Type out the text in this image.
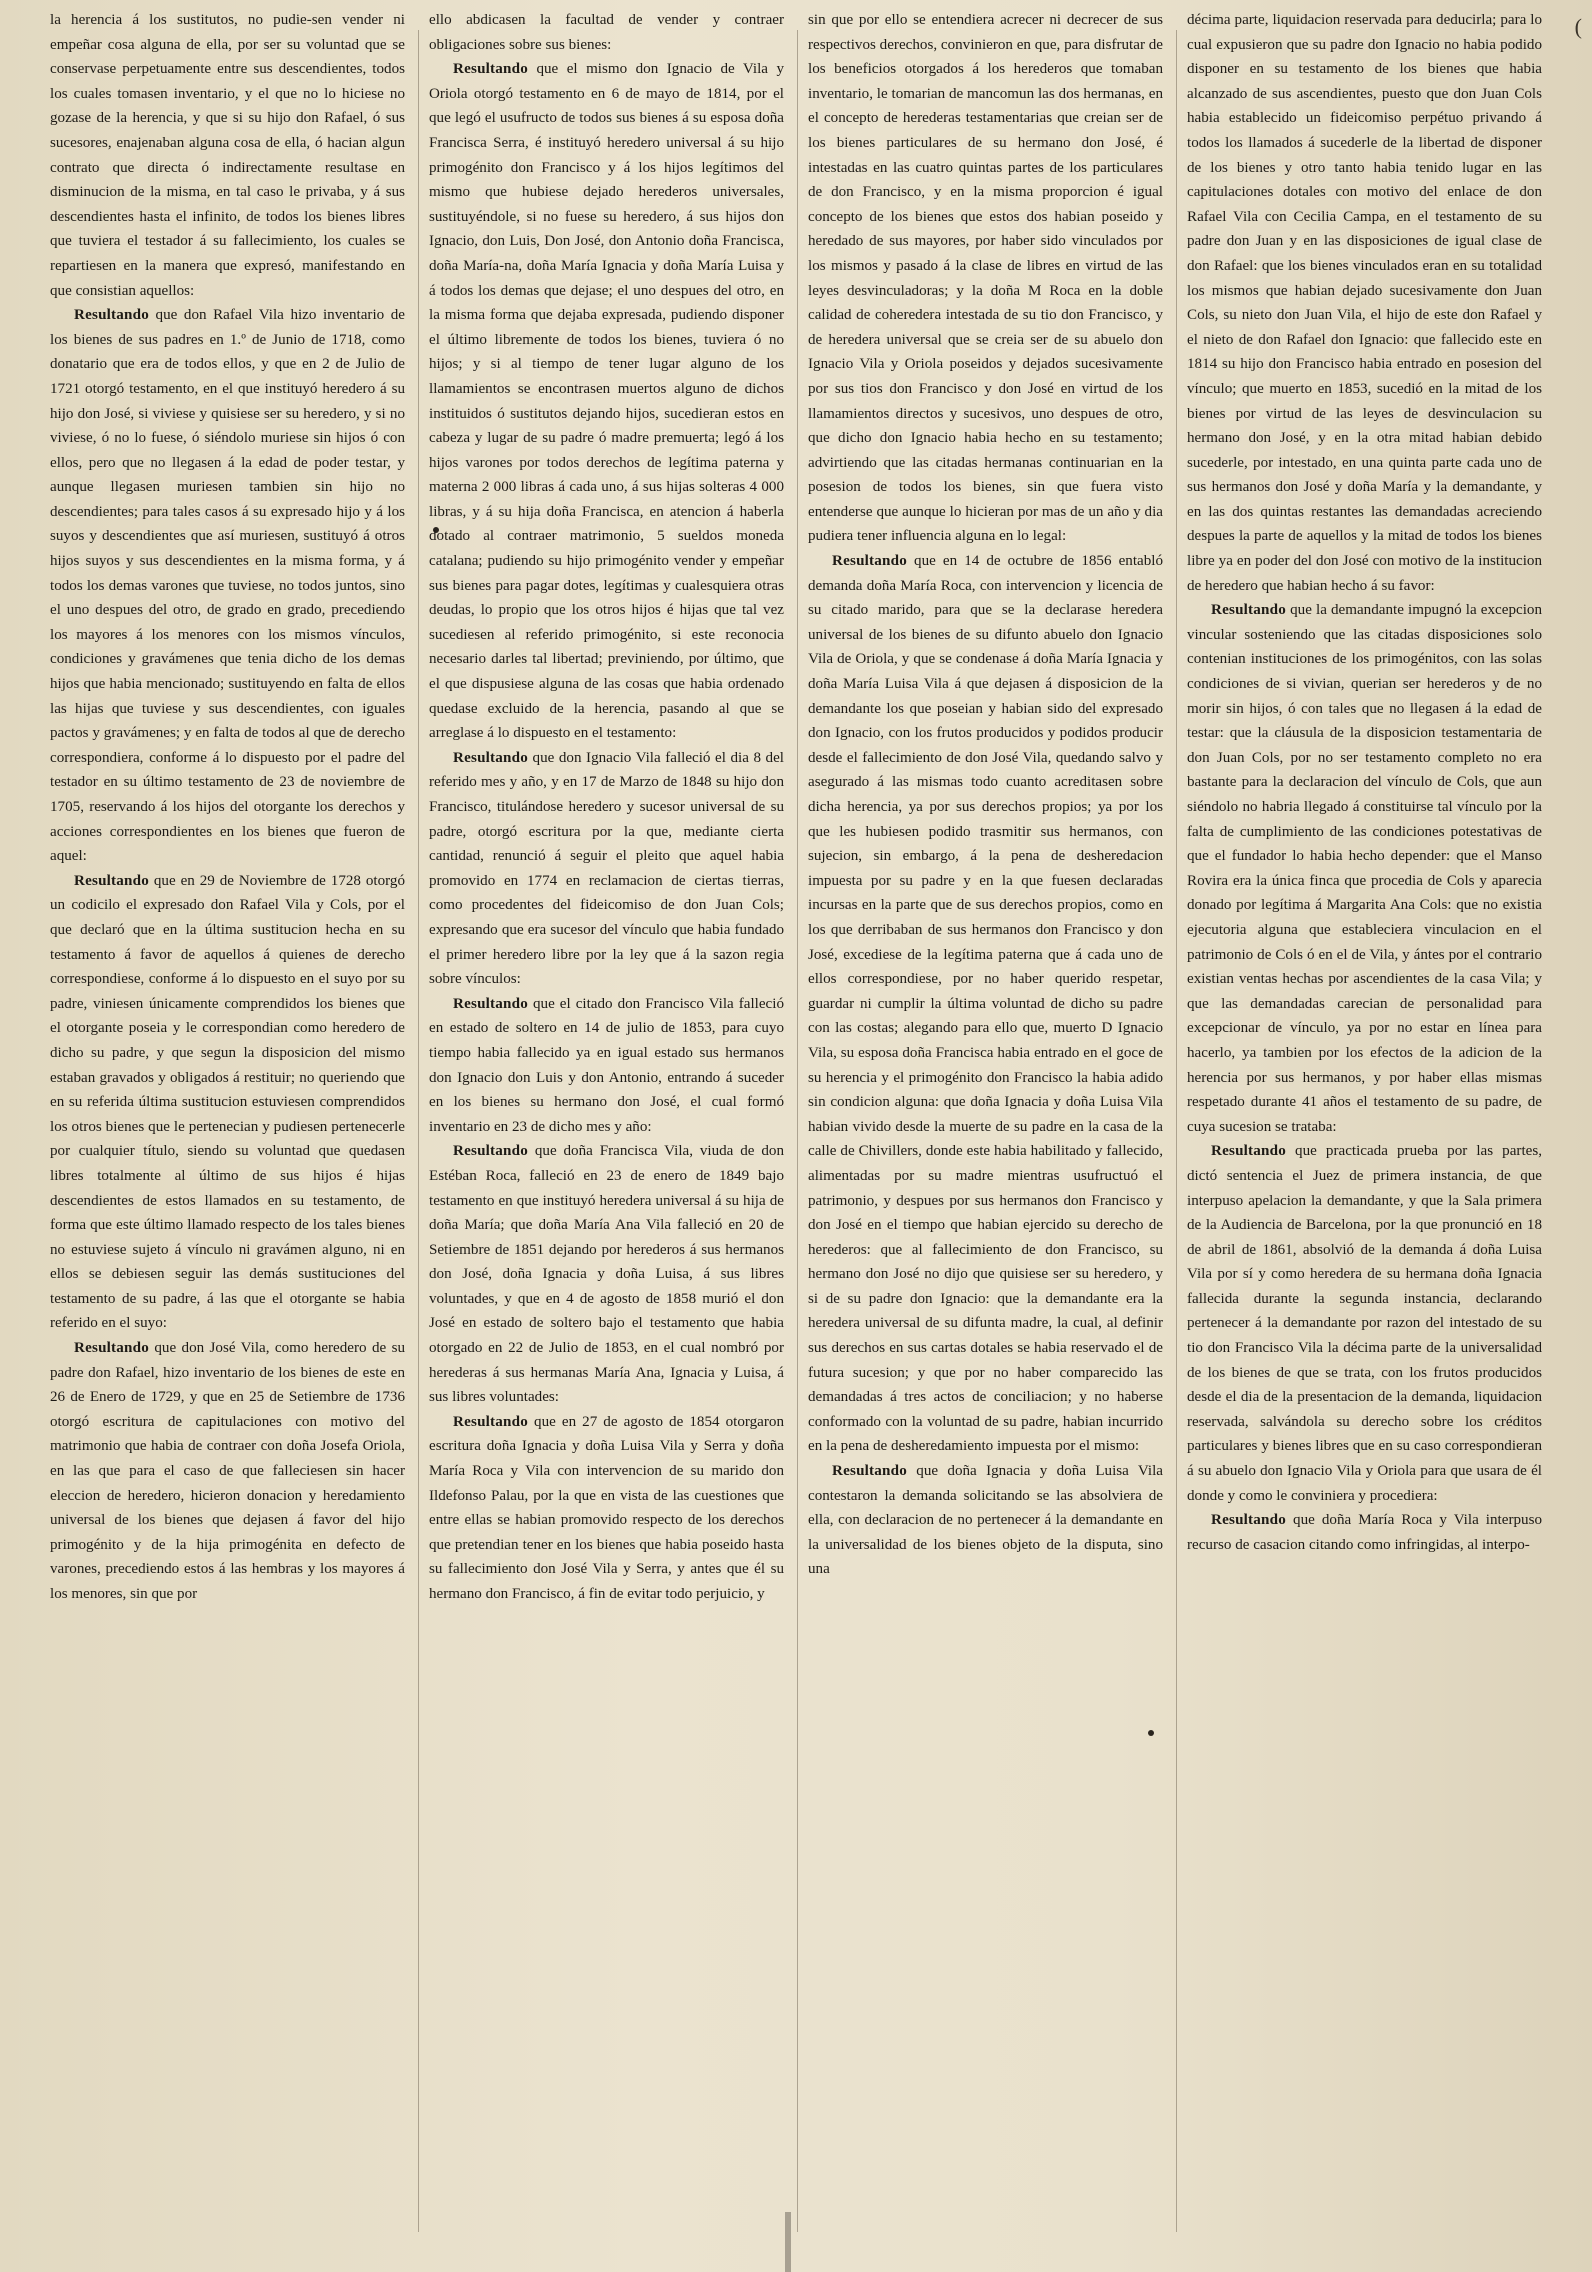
(

la herencia á los sustitutos, no pudie-sen vender ni empeñar cosa alguna de ella, por ser su voluntad que se conservase perpetuamente entre sus descendientes, todos los cuales tomasen inventario, y el que no lo hiciese no gozase de la herencia, y que si su hijo don Rafael, ó sus sucesores, enajenaban alguna cosa de ella, ó hacian algun contrato que directa ó indirectamente resultase en disminucion de la misma, en tal caso le privaba, y á sus descendientes hasta el infinito, de todos los bienes libres que tuviera el testador á su fallecimiento, los cuales se repartiesen en la manera que expresó, manifestando en que consistian aquellos:

Resultando que don Rafael Vila hizo inventario de los bienes de sus padres en 1.º de Junio de 1718, como donatario que era de todos ellos, y que en 2 de Julio de 1721 otorgó testamento, en el que instituyó heredero á su hijo don José, si viviese y quisiese ser su heredero, y si no viviese, ó no lo fuese, ó siéndolo muriese sin hijos ó con ellos, pero que no llegasen á la edad de poder testar, y aunque llegasen muriesen tambien sin hijo no descendientes; para tales casos á su expresado hijo y á los suyos y descendientes que así muriesen, sustituyó á otros hijos suyos y sus descendientes en la misma forma, y á todos los demas varones que tuviese, no todos juntos, sino el uno despues del otro, de grado en grado, precediendo los mayores á los menores con los mismos vínculos, condiciones y gravámenes que tenia dicho de los demas hijos que habia mencionado; sustituyendo en falta de ellos las hijas que tuviese y sus descendientes, con iguales pactos y gravámenes; y en falta de todos al que de derecho correspondiera, conforme á lo dispuesto por el padre del testador en su último testamento de 23 de noviembre de 1705, reservando á los hijos del otorgante los derechos y acciones correspondientes en los bienes que fueron de aquel:

Resultando que en 29 de Noviembre de 1728 otorgó un codicilo el expresado don Rafael Vila y Cols, por el que declaró que en la última sustitucion hecha en su testamento á favor de aquellos á quienes de derecho correspondiese, conforme á lo dispuesto en el suyo por su padre, viniesen únicamente comprendidos los bienes que el otorgante poseia y le correspondian como heredero de dicho su padre, y que segun la disposicion del mismo estaban gravados y obligados á restituir; no queriendo que en su referida última sustitucion estuviesen comprendidos los otros bienes que le pertenecian y pudiesen pertenecerle por cualquier título, siendo su voluntad que quedasen libres totalmente al último de sus hijos é hijas descendientes de estos llamados en su testamento, de forma que este último llamado respecto de los tales bienes no estuviese sujeto á vínculo ni gravámen alguno, ni en ellos se debiesen seguir las demás sustituciones del testamento de su padre, á las que el otorgante se habia referido en el suyo:

Resultando que don José Vila, como heredero de su padre don Rafael, hizo inventario de los bienes de este en 26 de Enero de 1729, y que en 25 de Setiembre de 1736 otorgó escritura de capitulaciones con motivo del matrimonio que habia de contraer con doña Josefa Oriola, en las que para el caso de que falleciesen sin hacer eleccion de heredero, hicieron donacion y heredamiento universal de los bienes que dejasen á favor del hijo primogénito y de la hija primogénita en defecto de varones, precediendo estos á las hembras y los mayores á los menores, sin que por

ello abdicasen la facultad de vender y contraer obligaciones sobre sus bienes:

Resultando que el mismo don Ignacio de Vila y Oriola otorgó testamento en 6 de mayo de 1814, por el que legó el usufructo de todos sus bienes á su esposa doña Francisca Serra, é instituyó heredero universal á su hijo primogénito don Francisco y á los hijos legítimos del mismo que hubiese dejado herederos universales, sustituyéndole, si no fuese su heredero, á sus hijos don Ignacio, don Luis, Don José, don Antonio doña Francisca, doña María-na, doña María Ignacia y doña María Luisa y á todos los demas que dejase; el uno despues del otro, en la misma forma que dejaba expresada, pudiendo disponer el último libremente de todos los bienes, tuviera ó no hijos; y si al tiempo de tener lugar alguno de los llamamientos se encontrasen muertos alguno de dichos instituidos ó sustitutos dejando hijos, sucedieran estos en cabeza y lugar de su padre ó madre premuerta; legó á los hijos varones por todos derechos de legítima paterna y materna 2 000 libras á cada uno, á sus hijas solteras 4 000 libras, y á su hija doña Francisca, en atencion á haberla dotado al contraer matrimonio, 5 sueldos moneda catalana; pudiendo su hijo primogénito vender y empeñar sus bienes para pagar dotes, legítimas y cualesquiera otras deudas, lo propio que los otros hijos é hijas que tal vez sucediesen al referido primogénito, si este reconocia necesario darles tal libertad; previniendo, por último, que el que dispusiese alguna de las cosas que habia ordenado quedase excluido de la herencia, pasando al que se arreglase á lo dispuesto en el testamento:

Resultando que don Ignacio Vila falleció el dia 8 del referido mes y año, y en 17 de Marzo de 1848 su hijo don Francisco, titulándose heredero y sucesor universal de su padre, otorgó escritura por la que, mediante cierta cantidad, renunció á seguir el pleito que aquel habia promovido en 1774 en reclamacion de ciertas tierras, como procedentes del fideicomiso de don Juan Cols; expresando que era sucesor del vínculo que habia fundado el primer heredero libre por la ley que á la sazon regia sobre vínculos:

Resultando que el citado don Francisco Vila falleció en estado de soltero en 14 de julio de 1853, para cuyo tiempo habia fallecido ya en igual estado sus hermanos don Ignacio don Luis y don Antonio, entrando á suceder en los bienes su hermano don José, el cual formó inventario en 23 de dicho mes y año:

Resultando que doña Francisca Vila, viuda de don Estéban Roca, falleció en 23 de enero de 1849 bajo testamento en que instituyó heredera universal á su hija de doña María; que doña María Ana Vila falleció en 20 de Setiembre de 1851 dejando por herederos á sus hermanos don José, doña Ignacia y doña Luisa, á sus libres voluntades, y que en 4 de agosto de 1858 murió el don José en estado de soltero bajo el testamento que habia otorgado en 22 de Julio de 1853, en el cual nombró por herederas á sus hermanas María Ana, Ignacia y Luisa, á sus libres voluntades:

Resultando que en 27 de agosto de 1854 otorgaron escritura doña Ignacia y doña Luisa Vila y Serra y doña María Roca y Vila con intervencion de su marido don Ildefonso Palau, por la que en vista de las cuestiones que entre ellas se habian promovido respecto de los derechos que pretendian tener en los bienes que habia poseido hasta su fallecimiento don José Vila y Serra, y antes que él su hermano don Francisco, á fin de evitar todo perjuicio, y

sin que por ello se entendiera acrecer ni decrecer de sus respectivos derechos, convinieron en que, para disfrutar de los beneficios otorgados á los herederos que tomaban inventario, le tomarian de mancomun las dos hermanas, en el concepto de herederas testamentarias que creian ser de los bienes particulares de su hermano don José, é intestadas en las cuatro quintas partes de los particulares de don Francisco, y en la misma proporcion é igual concepto de los bienes que estos dos habian poseido y heredado de sus mayores, por haber sido vinculados por los mismos y pasado á la clase de libres en virtud de las leyes desvinculadoras; y la doña M Roca en la doble calidad de coheredera intestada de su tio don Francisco, y de heredera universal que se creia ser de su abuelo don Ignacio Vila y Oriola poseidos y dejados sucesivamente por sus tios don Francisco y don José en virtud de los llamamientos directos y sucesivos, uno despues de otro, que dicho don Ignacio habia hecho en su testamento; advirtiendo que las citadas hermanas continuarian en la posesion de todos los bienes, sin que fuera visto entenderse que aunque lo hicieran por mas de un año y dia pudiera tener influencia alguna en lo legal:

Resultando que en 14 de octubre de 1856 entabló demanda doña María Roca, con intervencion y licencia de su citado marido, para que se la declarase heredera universal de los bienes de su difunto abuelo don Ignacio Vila de Oriola, y que se condenase á doña María Ignacia y doña María Luisa Vila á que dejasen á disposicion de la demandante los que poseian y habian sido del expresado don Ignacio, con los frutos producidos y podidos producir desde el fallecimiento de don José Vila, quedando salvo y asegurado á las mismas todo cuanto acreditasen sobre dicha herencia, ya por sus derechos propios; ya por los que les hubiesen podido trasmitir sus hermanos, con sujecion, sin embargo, á la pena de desheredacion impuesta por su padre y en la que fuesen declaradas incursas en la parte que de sus derechos propios, como en los que derribaban de sus hermanos don Francisco y don José, excediese de la legítima paterna que á cada uno de ellos correspondiese, por no haber querido respetar, guardar ni cumplir la última voluntad de dicho su padre con las costas; alegando para ello que, muerto D Ignacio Vila, su esposa doña Francisca habia entrado en el goce de su herencia y el primogénito don Francisco la habia adido sin condicion alguna: que doña Ignacia y doña Luisa Vila habian vivido desde la muerte de su padre en la casa de la calle de Chivillers, donde este habia habilitado y fallecido, alimentadas por su madre mientras usufructuó el patrimonio, y despues por sus hermanos don Francisco y don José en el tiempo que habian ejercido su derecho de herederos: que al fallecimiento de don Francisco, su hermano don José no dijo que quisiese ser su heredero, y si de su padre don Ignacio: que la demandante era la heredera universal de su difunta madre, la cual, al definir sus derechos en sus cartas dotales se habia reservado el de futura sucesion; y que por no haber comparecido las demandadas á tres actos de conciliacion; y no haberse conformado con la voluntad de su padre, habian incurrido en la pena de desheredamiento impuesta por el mismo:

Resultando que doña Ignacia y doña Luisa Vila contestaron la demanda solicitando se las absolviera de ella, con declaracion de no pertenecer á la demandante en la universalidad de los bienes objeto de la disputa, sino una

décima parte, liquidacion reservada para deducirla; para lo cual expusieron que su padre don Ignacio no habia podido disponer en su testamento de los bienes que habia alcanzado de sus ascendientes, puesto que don Juan Cols habia establecido un fideicomiso perpétuo privando á todos los llamados á sucederle de la libertad de disponer de los bienes y otro tanto habia tenido lugar en las capitulaciones dotales con motivo del enlace de don Rafael Vila con Cecilia Campa, en el testamento de su padre don Juan y en las disposiciones de igual clase de don Rafael: que los bienes vinculados eran en su totalidad los mismos que habian dejado sucesivamente don Juan Cols, su nieto don Juan Vila, el hijo de este don Rafael y el nieto de don Rafael don Ignacio: que fallecido este en 1814 su hijo don Francisco habia entrado en posesion del vínculo; que muerto en 1853, sucedió en la mitad de los bienes por virtud de las leyes de desvinculacion su hermano don José, y en la otra mitad habian debido sucederle, por intestado, en una quinta parte cada uno de sus hermanos don José y doña María y la demandante, y en las dos quintas restantes las demandadas acreciendo despues la parte de aquellos y la mitad de todos los bienes libre ya en poder del don José con motivo de la institucion de heredero que habian hecho á su favor:

Resultando que la demandante impugnó la excepcion vincular sosteniendo que las citadas disposiciones solo contenian instituciones de los primogénitos, con las solas condiciones de si vivian, querian ser herederos y de no morir sin hijos, ó con tales que no llegasen á la edad de testar: que la cláusula de la disposicion testamentaria de don Juan Cols, por no ser testamento completo no era bastante para la declaracion del vínculo de Cols, que aun siéndolo no habria llegado á constituirse tal vínculo por la falta de cumplimiento de las condiciones potestativas de que el fundador lo habia hecho depender: que el Manso Rovira era la única finca que procedia de Cols y aparecia donado por legítima á Margarita Ana Cols: que no existia ejecutoria alguna que estableciera vinculacion en el patrimonio de Cols ó en el de Vila, y ántes por el contrario existian ventas hechas por ascendientes de la casa Vila; y que las demandadas carecian de personalidad para excepcionar de vínculo, ya por no estar en línea para hacerlo, ya tambien por los efectos de la adicion de la herencia por sus hermanos, y por haber ellas mismas respetado durante 41 años el testamento de su padre, de cuya sucesion se trataba:

Resultando que practicada prueba por las partes, dictó sentencia el Juez de primera instancia, de que interpuso apelacion la demandante, y que la Sala primera de la Audiencia de Barcelona, por la que pronunció en 18 de abril de 1861, absolvió de la demanda á doña Luisa Vila por sí y como heredera de su hermana doña Ignacia fallecida durante la segunda instancia, declarando pertenecer á la demandante por razon del intestado de su tio don Francisco Vila la décima parte de la universalidad de los bienes de que se trata, con los frutos producidos desde el dia de la presentacion de la demanda, liquidacion reservada, salvándola su derecho sobre los créditos particulares y bienes libres que en su caso correspondieran á su abuelo don Ignacio Vila y Oriola para que usara de él donde y como le conviniera y procediera:

Resultando que doña María Roca y Vila interpuso recurso de casacion citando como infringidas, al interpo-
